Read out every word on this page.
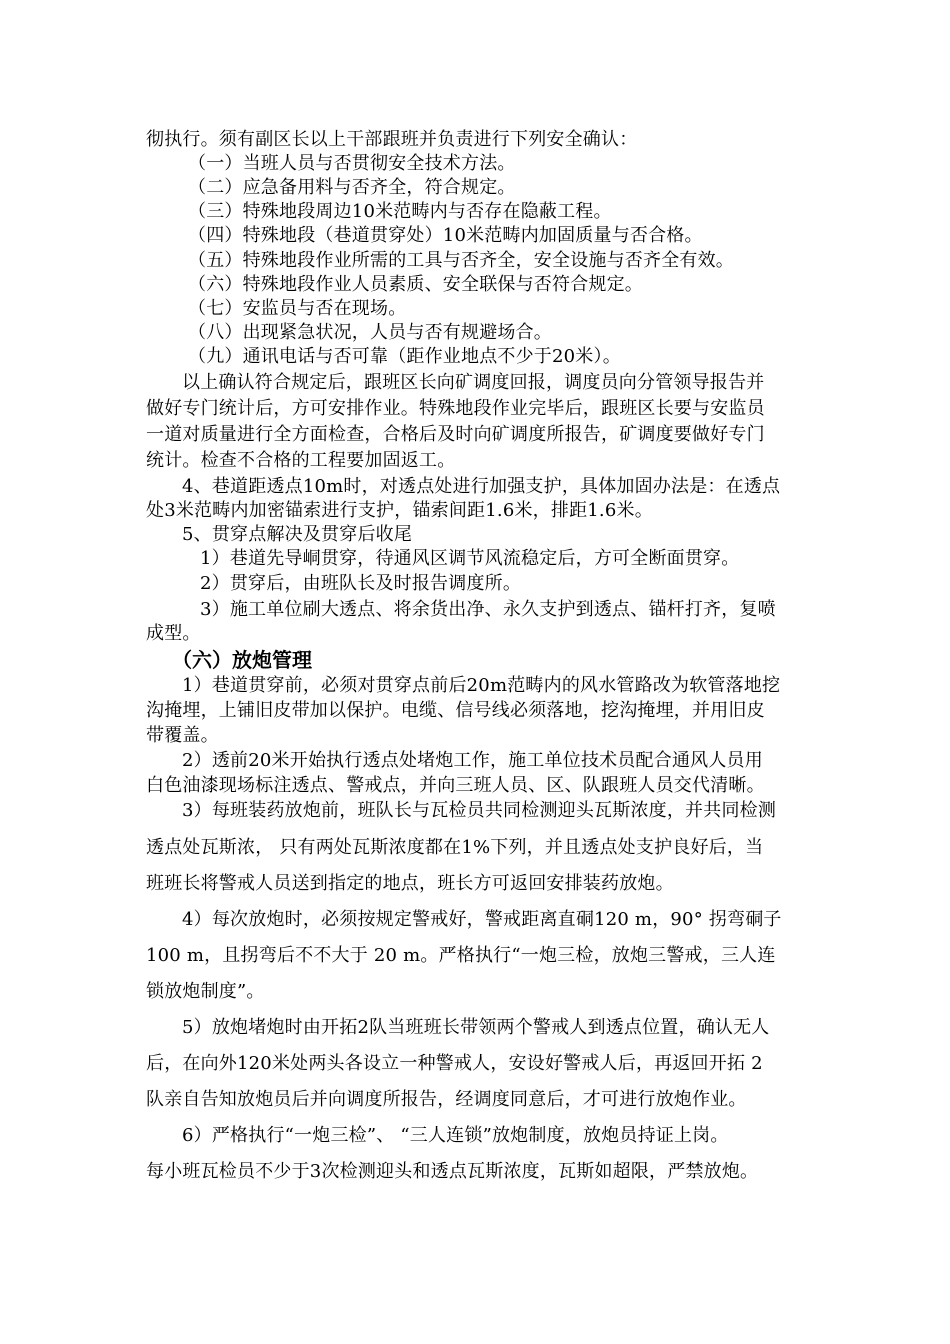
彻执行。须有副区长以上干部跟班并负责进行下列安全确认：
（一）当班人员与否贯彻安全技术方法。
（二）应急备用料与否齐全，符合规定。
（三）特殊地段周边10米范畴内与否存在隐蔽工程。
（四）特殊地段（巷道贯穿处）10米范畴内加固质量与否合格。
（五）特殊地段作业所需的工具与否齐全，安全设施与否齐全有效。
（六）特殊地段作业人员素质、安全联保与否符合规定。
（七）安监员与否在现场。
（八）出现紧急状况，人员与否有规避场合。
（九）通讯电话与否可靠（距作业地点不少于20米）。
以上确认符合规定后，跟班区长向矿调度回报，调度员向分管领导报告并
做好专门统计后，方可安排作业。特殊地段作业完毕后，跟班区长要与安监员
一道对质量进行全方面检查，合格后及时向矿调度所报告，矿调度要做好专门
统计。检查不合格的工程要加固返工。
4、巷道距透点10m时，对透点处进行加强支护，具体加固办法是：在透点
处3米范畴内加密锚索进行支护，锚索间距1.6米，排距1.6米。
5、贯穿点解决及贯穿后收尾
1）巷道先导峒贯穿，待通风区调节风流稳定后，方可全断面贯穿。
2）贯穿后，由班队长及时报告调度所。
3）施工单位刷大透点、将余货出净、永久支护到透点、锚杆打齐，复喷
成型。
（六）放炮管理
1）巷道贯穿前，必须对贯穿点前后20m范畴内的风水管路改为软管落地挖
沟掩埋，上铺旧皮带加以保护。电缆、信号线必须落地，挖沟掩埋，并用旧皮
带覆盖。
2）透前20米开始执行透点处堵炮工作，施工单位技术员配合通风人员用
白色油漆现场标注透点、警戒点，并向三班人员、区、队跟班人员交代清晰。
3）每班装药放炮前，班队长与瓦检员共同检测迎头瓦斯浓度，并共同检测
透点处瓦斯浓， 只有两处瓦斯浓度都在1%下列，并且透点处支护良好后，当
班班长将警戒人员送到指定的地点，班长方可返回安排装药放炮。
4）每次放炮时，必须按规定警戒好，警戒距离直硐120 m，90° 拐弯硐子
100 m，且拐弯后不不大于 20 m。严格执行“一炮三检，放炮三警戒，三人连
锁放炮制度”。
5）放炮堵炮时由开拓2队当班班长带领两个警戒人到透点位置，确认无人
后，在向外120米处两头各设立一种警戒人，安设好警戒人后，再返回开拓 2
队亲自告知放炮员后并向调度所报告，经调度同意后，才可进行放炮作业。
6）严格执行“一炮三检”、 “三人连锁”放炮制度，放炮员持证上岗。
每小班瓦检员不少于3次检测迎头和透点瓦斯浓度，瓦斯如超限，严禁放炮。
